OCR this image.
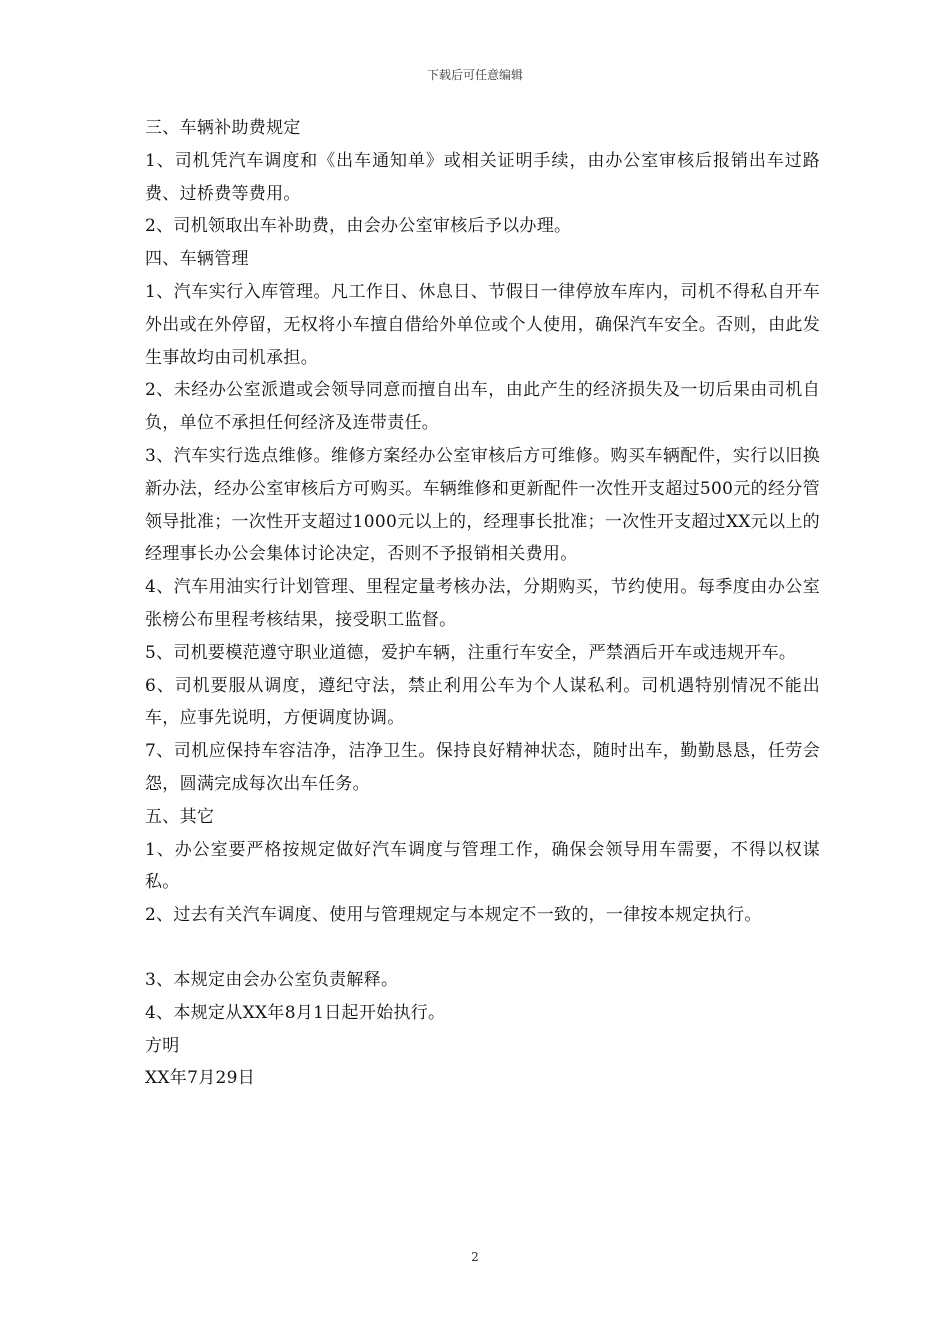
下载后可任意编辑

三、车辆补助费规定

1、司机凭汽车调度和《出车通知单》或相关证明手续，由办公室审核后报销出车过路费、过桥费等费用。

2、司机领取出车补助费，由会办公室审核后予以办理。

四、车辆管理

1、汽车实行入库管理。凡工作日、休息日、节假日一律停放车库内，司机不得私自开车外出或在外停留，无权将小车擅自借给外单位或个人使用，确保汽车安全。否则，由此发生事故均由司机承担。

2、未经办公室派遣或会领导同意而擅自出车，由此产生的经济损失及一切后果由司机自负，单位不承担任何经济及连带责任。

3、汽车实行选点维修。维修方案经办公室审核后方可维修。购买车辆配件，实行以旧换新办法，经办公室审核后方可购买。车辆维修和更新配件一次性开支超过500元的经分管领导批准；一次性开支超过1000元以上的，经理事长批准；一次性开支超过XX元以上的经理事长办公会集体讨论决定，否则不予报销相关费用。

4、汽车用油实行计划管理、里程定量考核办法，分期购买，节约使用。每季度由办公室张榜公布里程考核结果，接受职工监督。

5、司机要模范遵守职业道德，爱护车辆，注重行车安全，严禁酒后开车或违规开车。

6、司机要服从调度，遵纪守法，禁止利用公车为个人谋私利。司机遇特别情况不能出车，应事先说明，方便调度协调。

7、司机应保持车容洁净，洁净卫生。保持良好精神状态，随时出车，勤勤恳恳，任劳会怨，圆满完成每次出车任务。

五、其它

1、办公室要严格按规定做好汽车调度与管理工作，确保会领导用车需要，不得以权谋私。

2、过去有关汽车调度、使用与管理规定与本规定不一致的，一律按本规定执行。

3、本规定由会办公室负责解释。

4、本规定从XX年8月1日起开始执行。

方明

XX年7月29日

2
